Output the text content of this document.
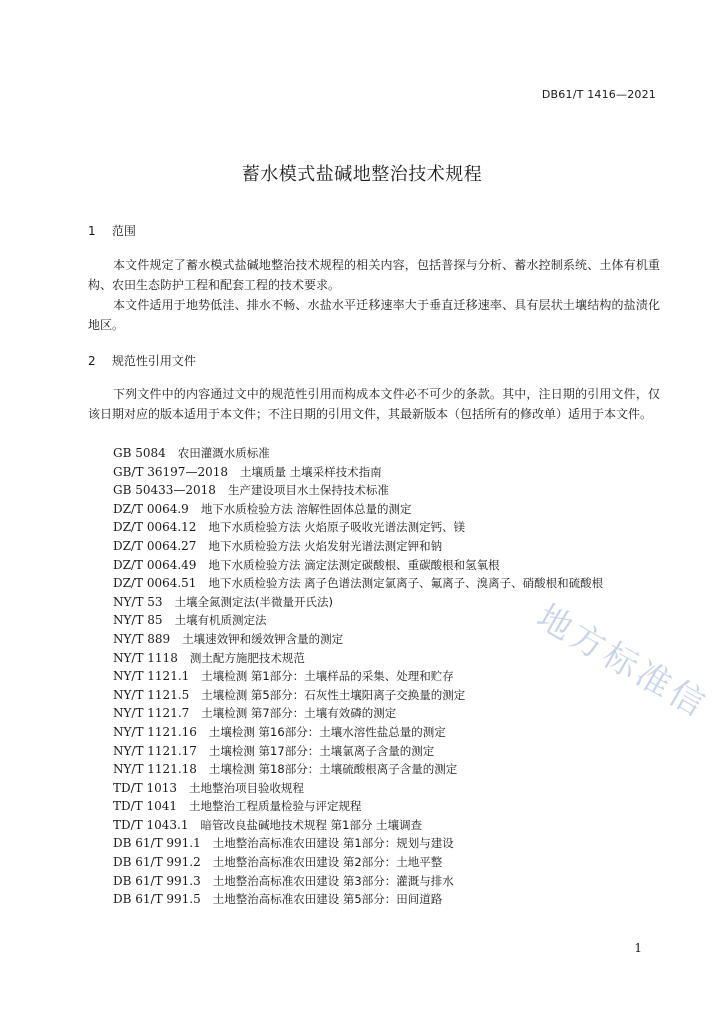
DB61/T 1416—2021
蓄水模式盐碱地整治技术规程
1 范围
本文件规定了蓄水模式盐碱地整治技术规程的相关内容，包括普探与分析、蓄水控制系统、土体有机重构、农田生态防护工程和配套工程的技术要求。
本文件适用于地势低洼、排水不畅、水盐水平迁移速率大于垂直迁移速率、具有层状土壤结构的盐渍化地区。
2 规范性引用文件
下列文件中的内容通过文中的规范性引用而构成本文件必不可少的条款。其中，注日期的引用文件，仅该日期对应的版本适用于本文件；不注日期的引用文件，其最新版本（包括所有的修改单）适用于本文件。
GB 5084 农田灌溉水质标准
GB/T 36197—2018 土壤质量 土壤采样技术指南
GB 50433—2018 生产建设项目水土保持技术标准
DZ/T 0064.9 地下水质检验方法 溶解性固体总量的测定
DZ/T 0064.12 地下水质检验方法 火焰原子吸收光谱法测定钙、镁
DZ/T 0064.27 地下水质检验方法 火焰发射光谱法测定钾和钠
DZ/T 0064.49 地下水质检验方法 滴定法测定碳酸根、重碳酸根和氢氧根
DZ/T 0064.51 地下水质检验方法 离子色谱法测定氯离子、氟离子、溴离子、硝酸根和硫酸根
NY/T 53 土壤全氮测定法(半微量开氏法)
NY/T 85 土壤有机质测定法
NY/T 889 土壤速效钾和缓效钾含量的测定
NY/T 1118 测土配方施肥技术规范
NY/T 1121.1 土壤检测 第1部分：土壤样品的采集、处理和贮存
NY/T 1121.5 土壤检测 第5部分：石灰性土壤阳离子交换量的测定
NY/T 1121.7 土壤检测 第7部分：土壤有效磷的测定
NY/T 1121.16 土壤检测 第16部分：土壤水溶性盐总量的测定
NY/T 1121.17 土壤检测 第17部分：土壤氯离子含量的测定
NY/T 1121.18 土壤检测 第18部分：土壤硫酸根离子含量的测定
TD/T 1013 土地整治项目验收规程
TD/T 1041 土地整治工程质量检验与评定规程
TD/T 1043.1 暗管改良盐碱地技术规程 第1部分 土壤调查
DB 61/T 991.1 土地整治高标准农田建设 第1部分：规划与建设
DB 61/T 991.2 土地整治高标准农田建设 第2部分：土地平整
DB 61/T 991.3 土地整治高标准农田建设 第3部分：灌溉与排水
DB 61/T 991.5 土地整治高标准农田建设 第5部分：田间道路
地方标准信
1
